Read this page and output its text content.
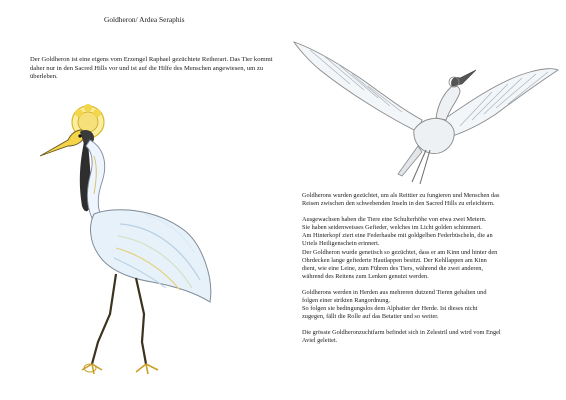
Goldheron/ Ardea Seraphis
Der Goldheron ist eine eigens vom Erzengel Raphael gezüchtete Reiherart. Das Tier kommt daher nur in den Sacred Hills vor und ist auf die Hilfe des Menschen angewiesen, um zu überleben.

Goldherons wurden gezüchtet, um als Reittier zu fungieren und Menschen das
Reisen zwischen den schwebenden Inseln in den Sacred Hills zu erleichtern.

Ausgewachsen haben die Tiere eine Schulterhöhe von etwa zwei Metern.
Sie haben seidenweisses Gefieder, welches im Licht golden schimmert.
Am Hinterkopf ziert eine Federhaube mit goldgelben Federbüscheln, die an
Uriels Heiligenschein erinnert.
Der Goldheron wurde genetisch so gezüchtet, dass er am Kinn und hinter den
Ohrdecken lange gefiederte Hautlappen besitzt. Der Kehllappen am Kinn
dient, wie eine Leine, zum Führen des Tiers, während die zwei anderen,
während des Reitens zum Lenken genutzt werden.

Goldherons werden in Herden aus mehreren dutzend Tieren gehalten und
folgen einer strikten Rangordnung.
So folgen sie bedingungslos dem Alphatier der Herde. Ist dieses nicht
zugegen, fällt die Rolle auf das Betatier und so weiter.

Die grösste Goldheronzuchtfarm befindet sich in Zelestril und wird vom Engel
Aviel geleitet.
